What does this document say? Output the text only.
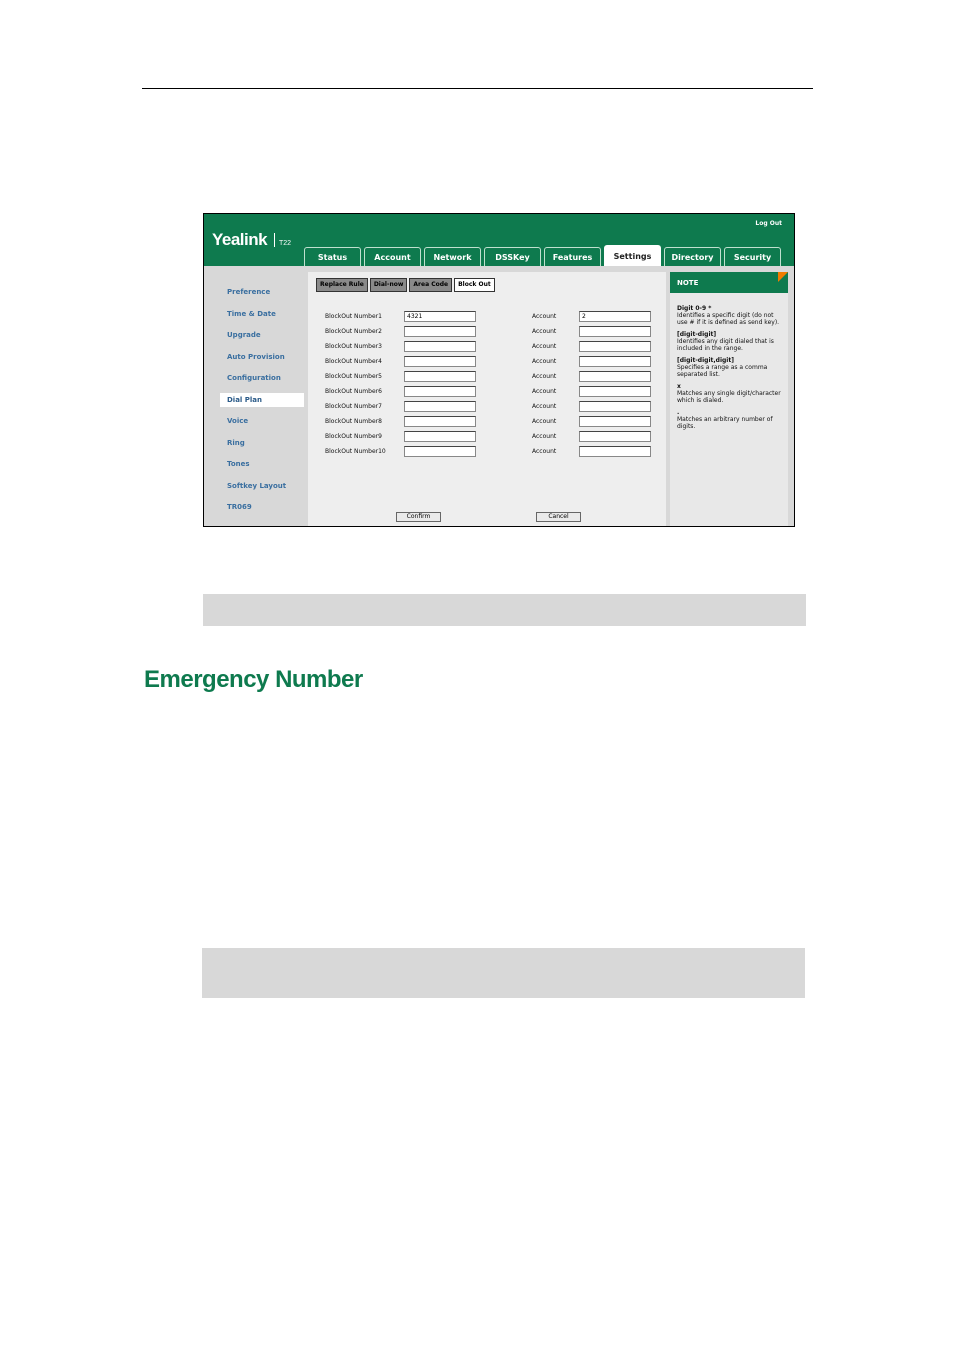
Yealink T22
Log Out
Status	Account	Network	DSSKey	Features	Settings	Directory	Security
Preference
Time & Date
Upgrade
Auto Provision
Configuration
Dial Plan
Voice
Ring
Tones
Softkey Layout
TR069
Replace Rule	Dial-now	Area Code	Block Out
BlockOut Number1	4321	Account	2
BlockOut Number2	Account
BlockOut Number3	Account
BlockOut Number4	Account
BlockOut Number5	Account
BlockOut Number6	Account
BlockOut Number7	Account
BlockOut Number8	Account
BlockOut Number9	Account
BlockOut Number10	Account
Confirm	Cancel
NOTE
Digit 0-9 *
Identifies a specific digit (do not use # if it is defined as send key).
[digit-digit]
Identifies any digit dialed that is included in the range.
[digit-digit,digit]
Specifies a range as a comma separated list.
x
Matches any single digit/character which is dialed.
.
Matches an arbitrary number of digits.
Emergency Number
